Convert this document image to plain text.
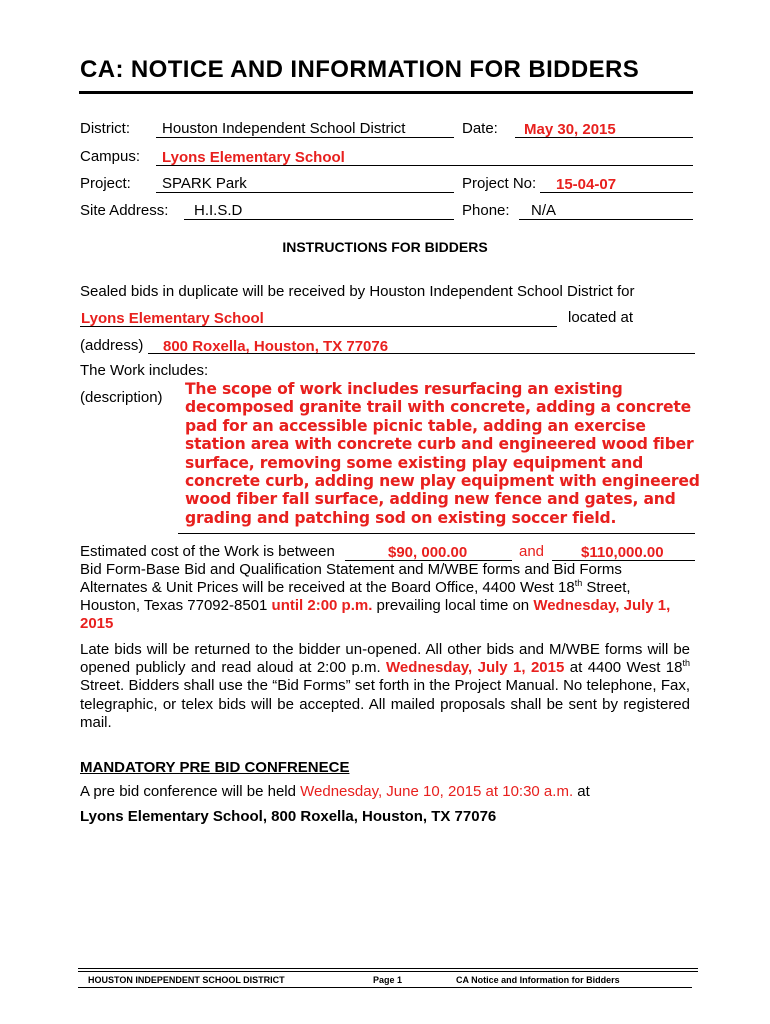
CA: NOTICE AND INFORMATION FOR BIDDERS
District: Houston Independent School District	Date: May 30, 2015
Campus: Lyons Elementary School
Project: SPARK Park	Project No: 15-04-07
Site Address: H.I.S.D	Phone: N/A
INSTRUCTIONS FOR BIDDERS
Sealed bids in duplicate will be received by Houston Independent School District for
Lyons Elementary School	located at
(address) 800 Roxella, Houston, TX 77076
The Work includes:
(description) The scope of work includes resurfacing an existing decomposed granite trail with concrete, adding a concrete pad for an accessible picnic table, adding an exercise station area with concrete curb and engineered wood fiber surface, removing some existing play equipment and concrete curb, adding new play equipment with engineered wood fiber fall surface, adding new fence and gates, and grading and patching sod on existing soccer field.
Estimated cost of the Work is between	$90, 000.00	and $110,000.00
Bid Form-Base Bid and Qualification Statement and M/WBE forms and Bid Forms
Alternates & Unit Prices will be received at the Board Office, 4400 West 18th Street,
Houston, Texas 77092-8501 until 2:00 p.m. prevailing local time on Wednesday, July 1,
2015
Late bids will be returned to the bidder un-opened. All other bids and M/WBE forms will be opened publicly and read aloud at 2:00 p.m. Wednesday, July 1, 2015 at 4400 West 18th Street. Bidders shall use the “Bid Forms” set forth in the Project Manual. No telephone, Fax, telegraphic, or telex bids will be accepted. All mailed proposals shall be sent by registered mail.
MANDATORY PRE BID CONFRENECE
A pre bid conference will be held Wednesday, June 10, 2015 at 10:30 a.m. at
Lyons Elementary School, 800 Roxella, Houston, TX 77076
HOUSTON INDEPENDENT SCHOOL DISTRICT	Page 1	CA Notice and Information for Bidders
